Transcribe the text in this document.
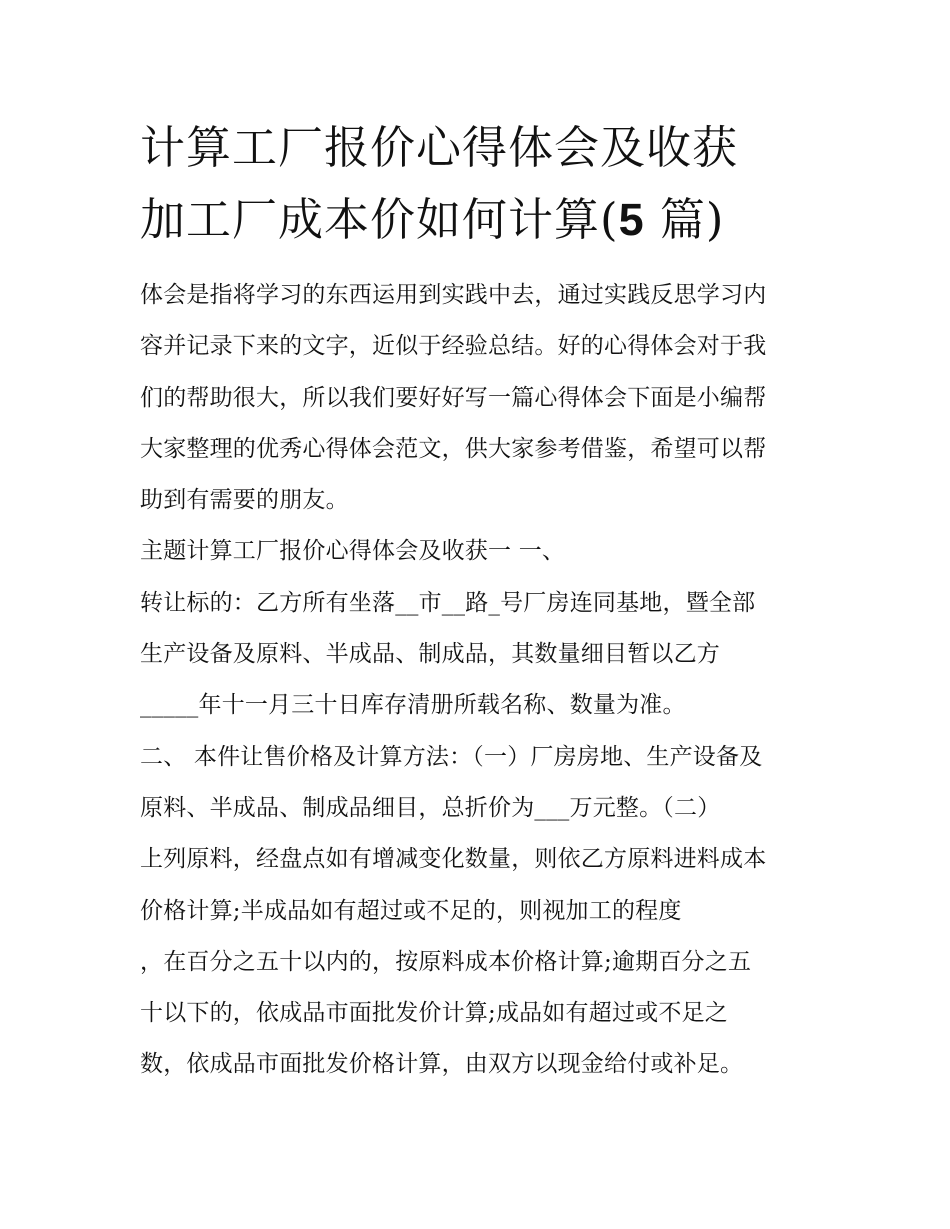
计算工厂报价心得体会及收获
加工厂成本价如何计算(5 篇)
体会是指将学习的东西运用到实践中去，通过实践反思学习内
容并记录下来的文字，近似于经验总结。好的心得体会对于我
们的帮助很大，所以我们要好好写一篇心得体会下面是小编帮
大家整理的优秀心得体会范文，供大家参考借鉴，希望可以帮
助到有需要的朋友。
主题计算工厂报价心得体会及收获一 一、
转让标的：乙方所有坐落__市__路_号厂房连同基地，暨全部
生产设备及原料、半成品、制成品，其数量细目暂以乙方
_____年十一月三十日库存清册所载名称、数量为准。
二、 本件让售价格及计算方法：（一）厂房房地、生产设备及
原料、半成品、制成品细目，总折价为___万元整。（二）
上列原料，经盘点如有增减变化数量，则依乙方原料进料成本
价格计算;半成品如有超过或不足的，则视加工的程度
，在百分之五十以内的，按原料成本价格计算;逾期百分之五
十以下的，依成品市面批发价计算;成品如有超过或不足之
数，依成品市面批发价格计算，由双方以现金给付或补足。
